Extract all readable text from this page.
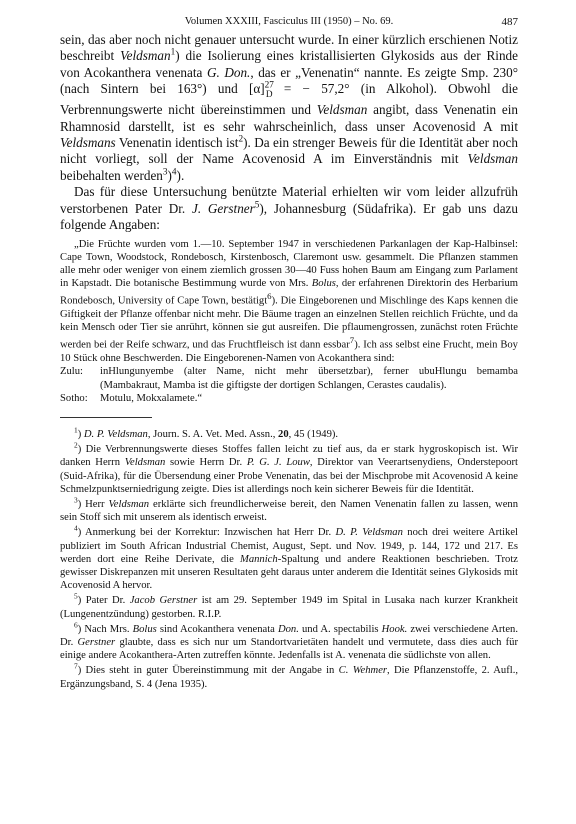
Volumen XXXIII, Fasciculus III (1950) – No. 69.	487

sein, das aber noch nicht genauer untersucht wurde. In einer kürzlich erschienen Notiz beschreibt Veldsman$^1$) die Isolierung eines kristallisierten Glykosids aus der Rinde von Acokanthera venenata G. Don., das er „Venenatin“ nannte. Es zeigte Smp. 230° (nach Sintern bei 163°) und $[\alpha]^{27}_D$ = − 57,2° (in Alkohol). Obwohl die Verbrennungswerte nicht übereinstimmen und Veldsman angibt, dass Venenatin ein Rhamnosid darstellt, ist es sehr wahrscheinlich, dass unser Acovenosid A mit Veldsmans Venenatin identisch ist$^2$). Da ein strenger Beweis für die Identität aber noch nicht vorliegt, soll der Name Acovenosid A im Einverständnis mit Veldsman beibehalten werden$^3$)$^4$).

Das für diese Untersuchung benützte Material erhielten wir vom leider allzufrüh verstorbenen Pater Dr. J. Gerstner$^5$), Johannesburg (Südafrika). Er gab uns dazu folgende Angaben:

„Die Früchte wurden vom 1.—10. September 1947 in verschiedenen Parkanlagen der Kap-Halbinsel: Cape Town, Woodstock, Rondebosch, Kirstenbosch, Claremont usw. gesammelt. Die Pflanzen stammen alle mehr oder weniger von einem ziemlich grossen 30—40 Fuss hohen Baum am Eingang zum Parlament in Kapstadt. Die botanische Bestimmung wurde von Mrs. Bolus, der erfahrenen Direktorin des Herbarium Rondebosch, University of Cape Town, bestätigt$^6$). Die Eingeborenen und Mischlinge des Kaps kennen die Giftigkeit der Pflanze offenbar nicht mehr. Die Bäume tragen an einzelnen Stellen reichlich Früchte, und da kein Mensch oder Tier sie anrührt, können sie gut ausreifen. Die pflaumengrossen, zunächst roten Früchte werden bei der Reife schwarz, und das Fruchtfleisch ist dann essbar$^7$). Ich ass selbst eine Frucht, mein Boy 10 Stück ohne Beschwerden. Die Eingeborenen-Namen von Acokanthera sind:

Zulu:	inHlungunyembe (alter Name, nicht mehr übersetzbar), ferner ubuHlungu bemamba (Mambakraut, Mamba ist die giftigste der dortigen Schlangen, Cerastes caudalis).
Sotho:	Motulu, Mokxalamete.“

$^1$) D. P. Veldsman, Journ. S. A. Vet. Med. Assn., 20, 45 (1949).

$^2$) Die Verbrennungswerte dieses Stoffes fallen leicht zu tief aus, da er stark hygroskopisch ist. Wir danken Herrn Veldsman sowie Herrn Dr. P. G. J. Louw, Direktor van Veerartsenydiens, Onderstepoort (Suid-Afrika), für die Übersendung einer Probe Venenatin, das bei der Mischprobe mit Acovenosid A keine Schmelzpunktserniedrigung zeigte. Dies ist allerdings noch kein sicherer Beweis für die Identität.

$^3$) Herr Veldsman erklärte sich freundlicherweise bereit, den Namen Venenatin fallen zu lassen, wenn sein Stoff sich mit unserem als identisch erweist.

$^4$) Anmerkung bei der Korrektur: Inzwischen hat Herr Dr. D. P. Veldsman noch drei weitere Artikel publiziert im South African Industrial Chemist, August, Sept. und Nov. 1949, p. 144, 172 und 217. Es werden dort eine Reihe Derivate, die Mannich-Spaltung und andere Reaktionen beschrieben. Trotz gewisser Diskrepanzen mit unseren Resultaten geht daraus unter anderem die Identität seines Glykosids mit Acovenosid A hervor.

$^5$) Pater Dr. Jacob Gerstner ist am 29. September 1949 im Spital in Lusaka nach kurzer Krankheit (Lungenentzündung) gestorben. R.I.P.

$^6$) Nach Mrs. Bolus sind Acokanthera venenata Don. und A. spectabilis Hook. zwei verschiedene Arten. Dr. Gerstner glaubte, dass es sich nur um Standortvarietäten handelt und vermutete, dass dies auch für einige andere Acokanthera-Arten zutreffen könnte. Jedenfalls ist A. venenata die südlichste von allen.

$^7$) Dies steht in guter Übereinstimmung mit der Angabe in C. Wehmer, Die Pflanzenstoffe, 2. Aufl., Ergänzungsband, S. 4 (Jena 1935).
